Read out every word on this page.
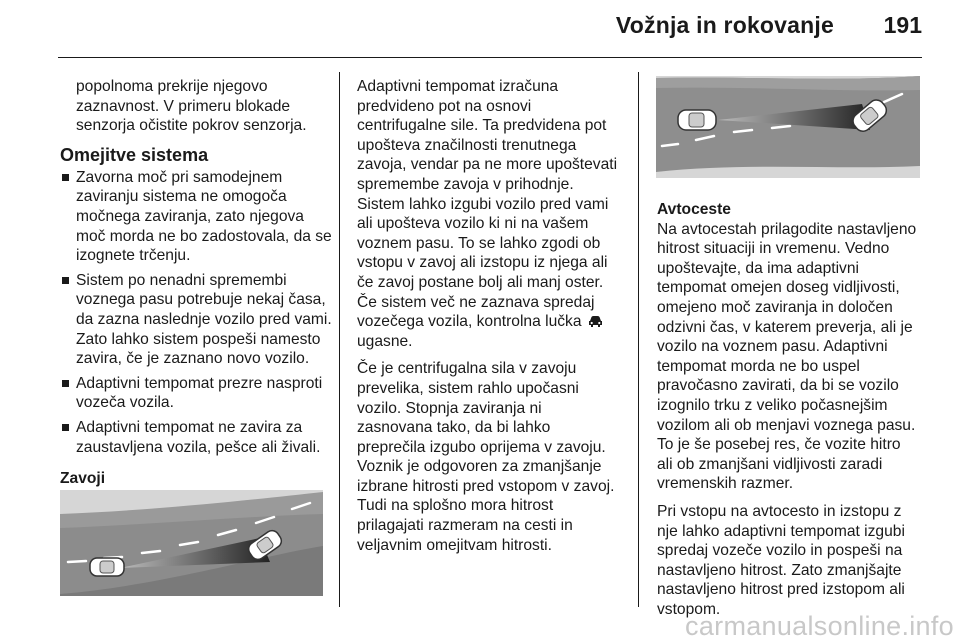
Vožnja in rokovanje 191

popolnoma prekrije njegovo
zaznavnost. V primeru blokade
senzorja očistite pokrov senzorja.

Omejitve sistema
Zavorna moč pri samodejnem zaviranju sistema ne omogoča močnega zaviranja, zato njegova moč morda ne bo zadostovala, da se izognete trčenju.
Sistem po nenadni spremembi voznega pasu potrebuje nekaj časa, da zazna naslednje vozilo pred vami. Zato lahko sistem pospeši namesto zavira, če je zaznano novo vozilo.
Adaptivni tempomat prezre nasproti vozeča vozila.
Adaptivni tempomat ne zavira za zaustavljena vozila, pešce ali živali.
Zavoji

Adaptivni tempomat izračuna
predvideno pot na osnovi
centrifugalne sile. Ta predvidena pot
upošteva značilnosti trenutnega
zavoja, vendar pa ne more upoštevati
spremembe zavoja v prihodnje.
Sistem lahko izgubi vozilo pred vami
ali upošteva vozilo ki ni na vašem
voznem pasu. To se lahko zgodi ob
vstopu v zavoj ali izstopu iz njega ali
če zavoj postane bolj ali manj oster.
Če sistem več ne zaznava spredaj
vozečega vozila, kontrolna lučka
ugasne.

Če je centrifugalna sila v zavoju
prevelika, sistem rahlo upočasni
vozilo. Stopnja zaviranja ni
zasnovana tako, da bi lahko
preprečila izgubo oprijema v zavoju.
Voznik je odgovoren za zmanjšanje
izbrane hitrosti pred vstopom v zavoj.
Tudi na splošno mora hitrost
prilagajati razmeram na cesti in
veljavnim omejitvam hitrosti.

Avtoceste

Na avtocestah prilagodite nastavljeno
hitrost situaciji in vremenu. Vedno
upoštevajte, da ima adaptivni
tempomat omejen doseg vidljivosti,
omejeno moč zaviranja in določen
odzivni čas, v katerem preverja, ali je
vozilo na voznem pasu. Adaptivni
tempomat morda ne bo uspel
pravočasno zavirati, da bi se vozilo
izognilo trku z veliko počasnejšim
vozilom ali ob menjavi voznega pasu.
To je še posebej res, če vozite hitro
ali ob zmanjšani vidljivosti zaradi
vremenskih razmer.

Pri vstopu na avtocesto in izstopu z
nje lahko adaptivni tempomat izgubi
spredaj vozeče vozilo in pospeši na
nastavljeno hitrost. Zato zmanjšajte
nastavljeno hitrost pred izstopom ali
vstopom.

carmanualsonline.info
